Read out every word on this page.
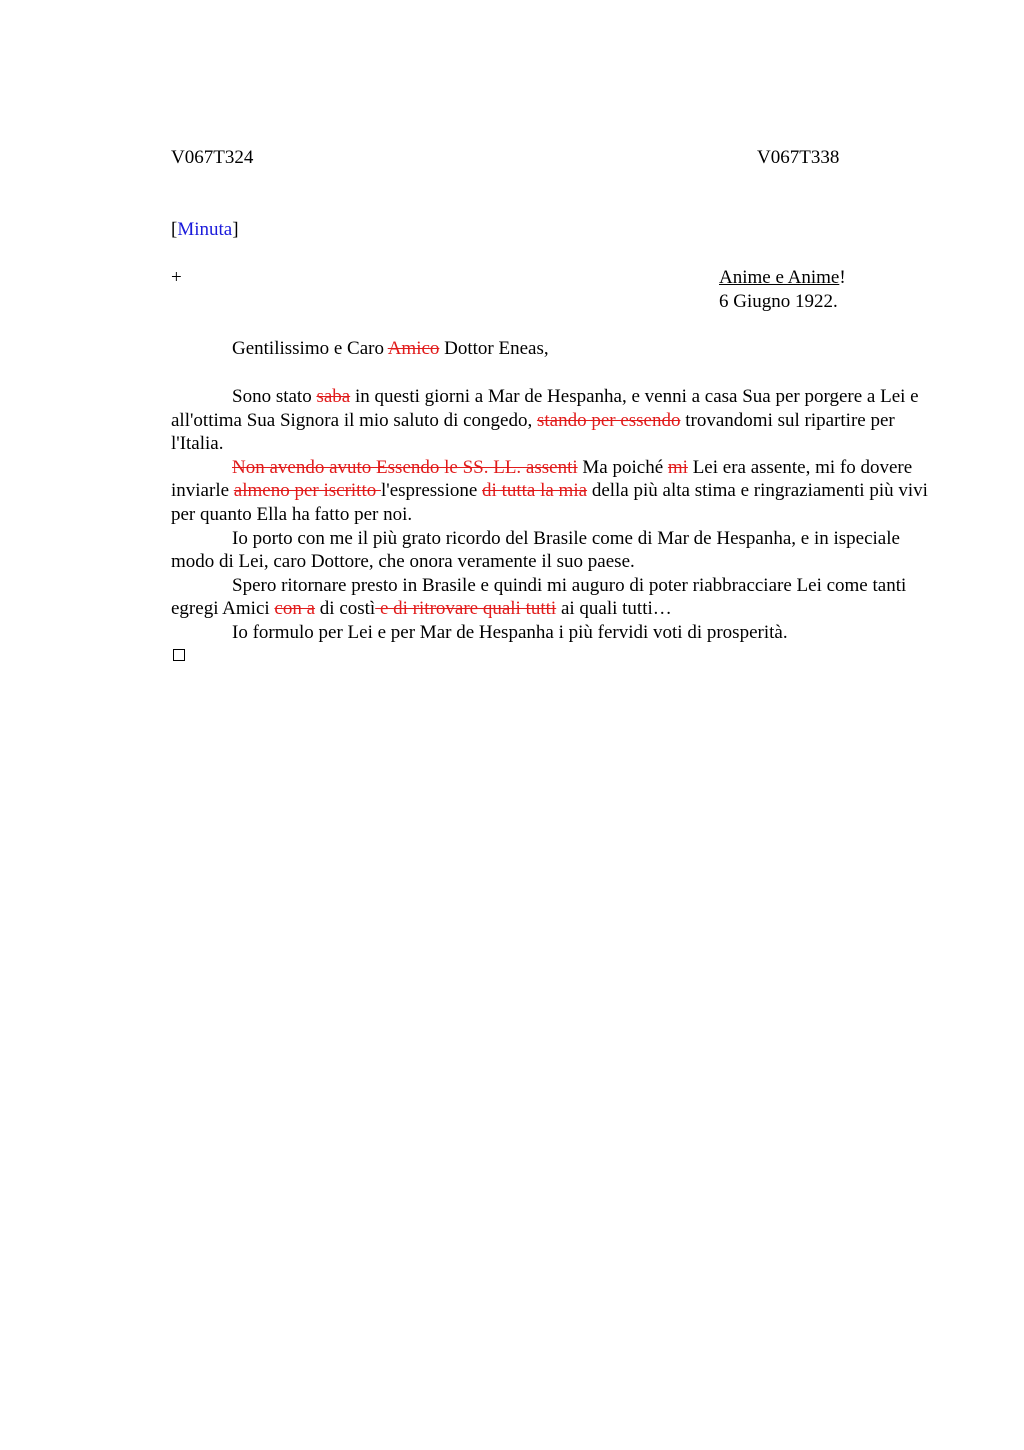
V067T324	V067T338
[Minuta]
+	Anime e Anime!
6 Giugno 1922.
Gentilissimo e Caro Amico Dottor Eneas,

Sono stato saba in questi giorni a Mar de Hespanha, e venni a casa Sua per porgere a Lei e all'ottima Sua Signora il mio saluto di congedo, stando per essendo trovandomi sul ripartire per l'Italia.

Non avendo avuto Essendo le SS. LL. assenti Ma poiché mi Lei era assente, mi fo dovere inviarle almeno per iscritto l'espressione di tutta la mia della più alta stima e ringraziamenti più vivi per quanto Ella ha fatto per noi.

Io porto con me il più grato ricordo del Brasile come di Mar de Hespanha, e in ispeciale modo di Lei, caro Dottore, che onora veramente il suo paese.

Spero ritornare presto in Brasile e quindi mi auguro di poter riabbracciare Lei come tanti egregi Amici con a di costì e di ritrovare quali tutti ai quali tutti…

Io formulo per Lei e per Mar de Hespanha i più fervidi voti di prosperità.
